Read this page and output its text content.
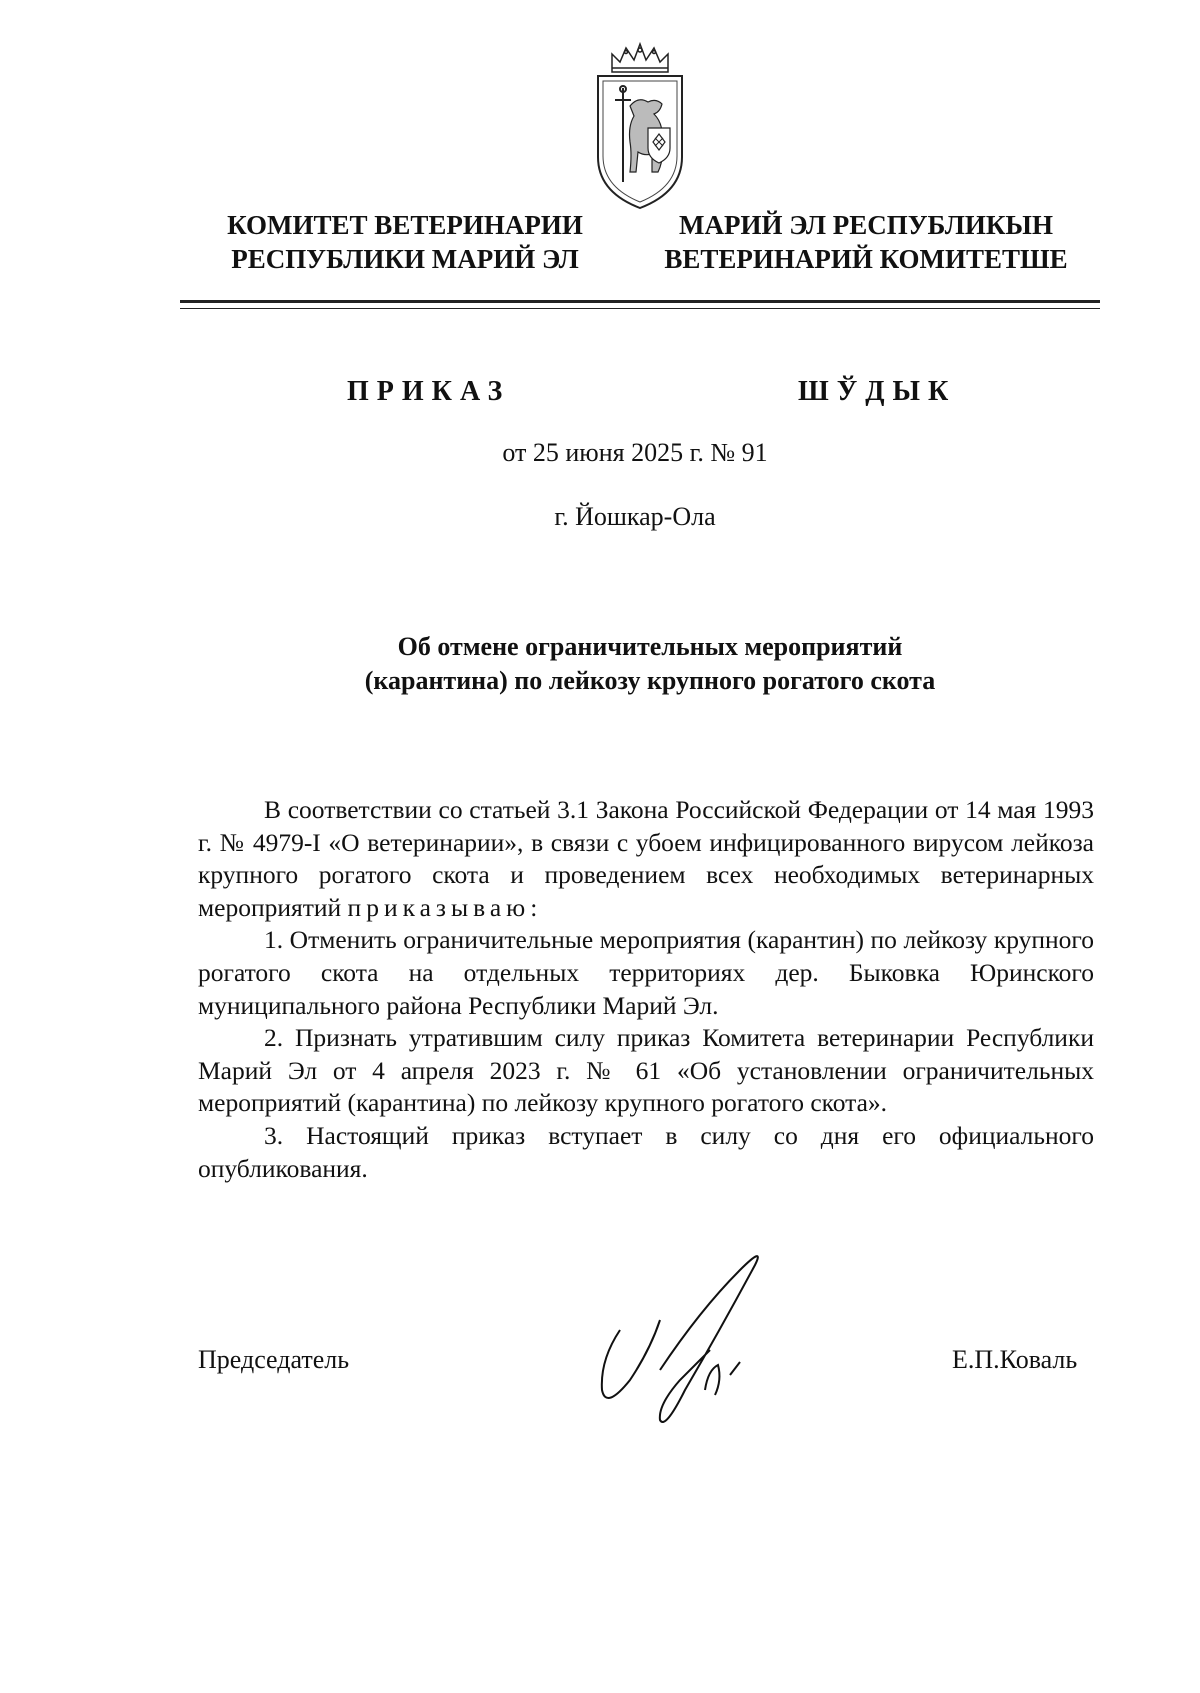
КОМИТЕТ ВЕТЕРИНАРИИ
РЕСПУБЛИКИ МАРИЙ ЭЛ
МАРИЙ ЭЛ РЕСПУБЛИКЫН
ВЕТЕРИНАРИЙ КОМИТЕТШЕ
ПРИКАЗ	ШЎДЫК
от 25 июня 2025 г. № 91
г. Йошкар-Ола
Об отмене ограничительных мероприятий
(карантина) по лейкозу крупного рогатого скота

В соответствии со статьей 3.1 Закона Российской Федерации от 14 мая 1993 г. № 4979-I «О ветеринарии», в связи с убоем инфицированного вирусом лейкоза крупного рогатого скота и проведением всех необходимых ветеринарных мероприятий приказываю:

1. Отменить ограничительные мероприятия (карантин) по лейкозу крупного рогатого скота на отдельных территориях дер. Быковка Юринского муниципального района Республики Марий Эл.

2. Признать утратившим силу приказ Комитета ветеринарии Республики Марий Эл от 4 апреля 2023 г. № 61 «Об установлении ограничительных мероприятий (карантина) по лейкозу крупного рогатого скота».

3. Настоящий приказ вступает в силу со дня его официального опубликования.

Председатель	Е.П.Коваль
